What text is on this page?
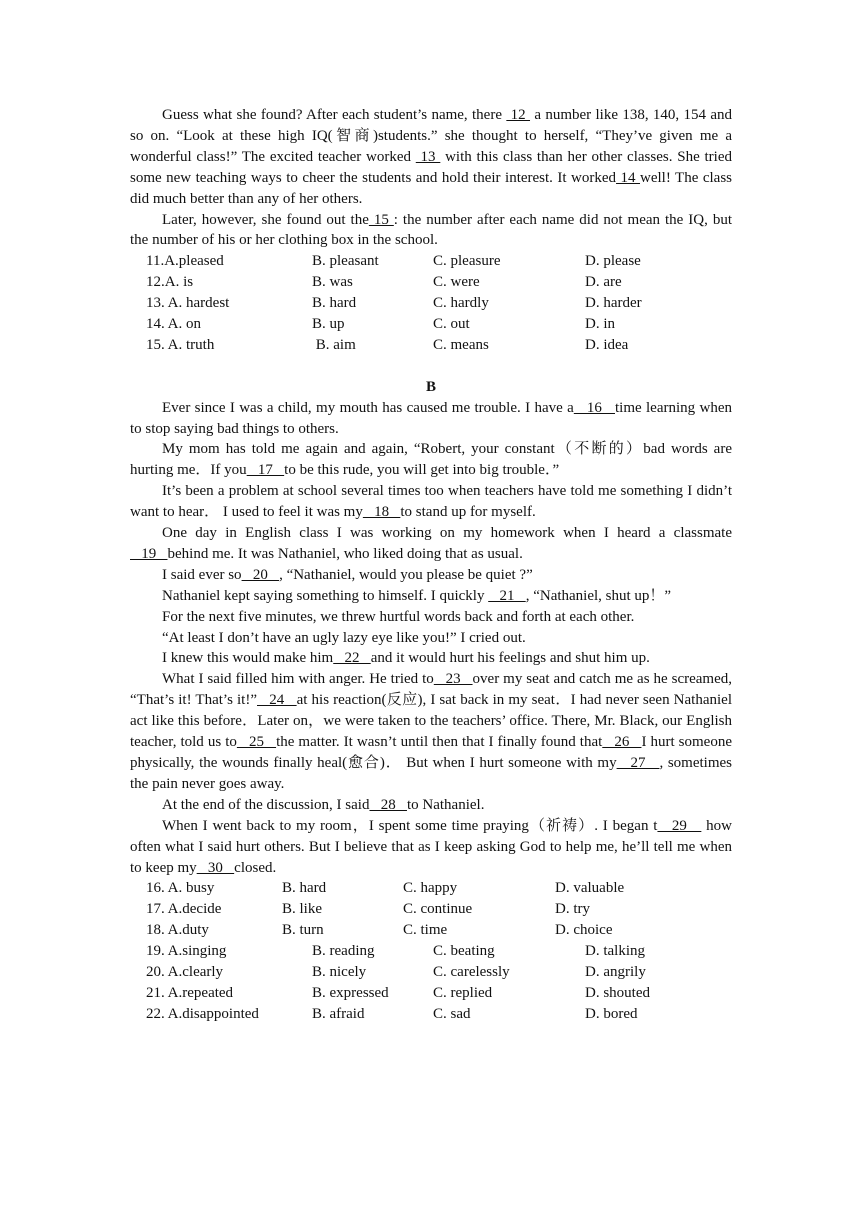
Guess what she found? After each student’s name, there  12  a number like 138, 140, 154 and so on. “Look at these high IQ(智商)students.” she thought to herself, “They’ve given me a wonderful class!” The excited teacher worked  13  with this class than her other classes. She tried some new teaching ways to cheer the students and hold their interest. It worked 14 well! The class did much better than any of her others.

Later, however, she found out the 15 : the number after each name did not mean the IQ, but the number of his or her clothing box in the school.

11.A.pleased	B. pleasant	C. pleasure	D. please
12.A. is	B. was	C. were	D. are
13. A. hardest	B. hard	C. hardly	D. harder
14. A. on	B. up	C. out	D. in
15. A. truth	B. aim	C. means	D. idea

B

Ever since I was a child, my mouth has caused me trouble. I have a   16   time learning when to stop saying bad things to others.

My mom has told me again and again, “Robert, your constant（不断的）bad words are hurting me．If you   17   to be this rude, you will get into big trouble．”

It’s been a problem at school several times too when teachers have told me something I didn’t want to hear． I used to feel it was my   18   to stand up for myself.

One day in English class I was working on my homework when I heard a classmate   19   behind me. It was Nathaniel, who liked doing that as usual.

I said ever so   20   , “Nathaniel, would you please be quiet ?”

Nathaniel kept saying something to himself. I quickly    21   , “Nathaniel, shut up！”

For the next five minutes, we threw hurtful words back and forth at each other.

“At least I don’t have an ugly lazy eye like you!” I cried out.

I knew this would make him   22   and it would hurt his feelings and shut him up.

What I said filled him with anger. He tried to   23   over my seat and catch me as he screamed, “That’s it! That’s it!”   24   at his reaction(反应), I sat back in my seat．I had never seen Nathaniel act like this before．Later on，we were taken to the teachers’ office. There, Mr. Black, our English teacher, told us to   25   the matter. It wasn’t until then that I finally found that   26   I hurt someone physically, the wounds finally heal(愈合)． But when I hurt someone with my   27   , sometimes the pain never goes away.

At the end of the discussion, I said   28   to Nathaniel.

When I went back to my room，I spent some time praying（祈祷）. I began t   29    how often what I said hurt others. But I believe that as I keep asking God to help me, he’ll tell me when to keep my   30   closed.

16. A. busy	B. hard	C. happy	D. valuable
17. A.decide	B. like	C. continue	D. try
18. A.duty	B. turn	C. time	D. choice
19. A.singing	B. reading	C. beating	D. talking
20. A.clearly	B. nicely	C. carelessly	D. angrily
21. A.repeated	B. expressed	C. replied	D. shouted
22. A.disappointed	B. afraid	C. sad	D. bored
